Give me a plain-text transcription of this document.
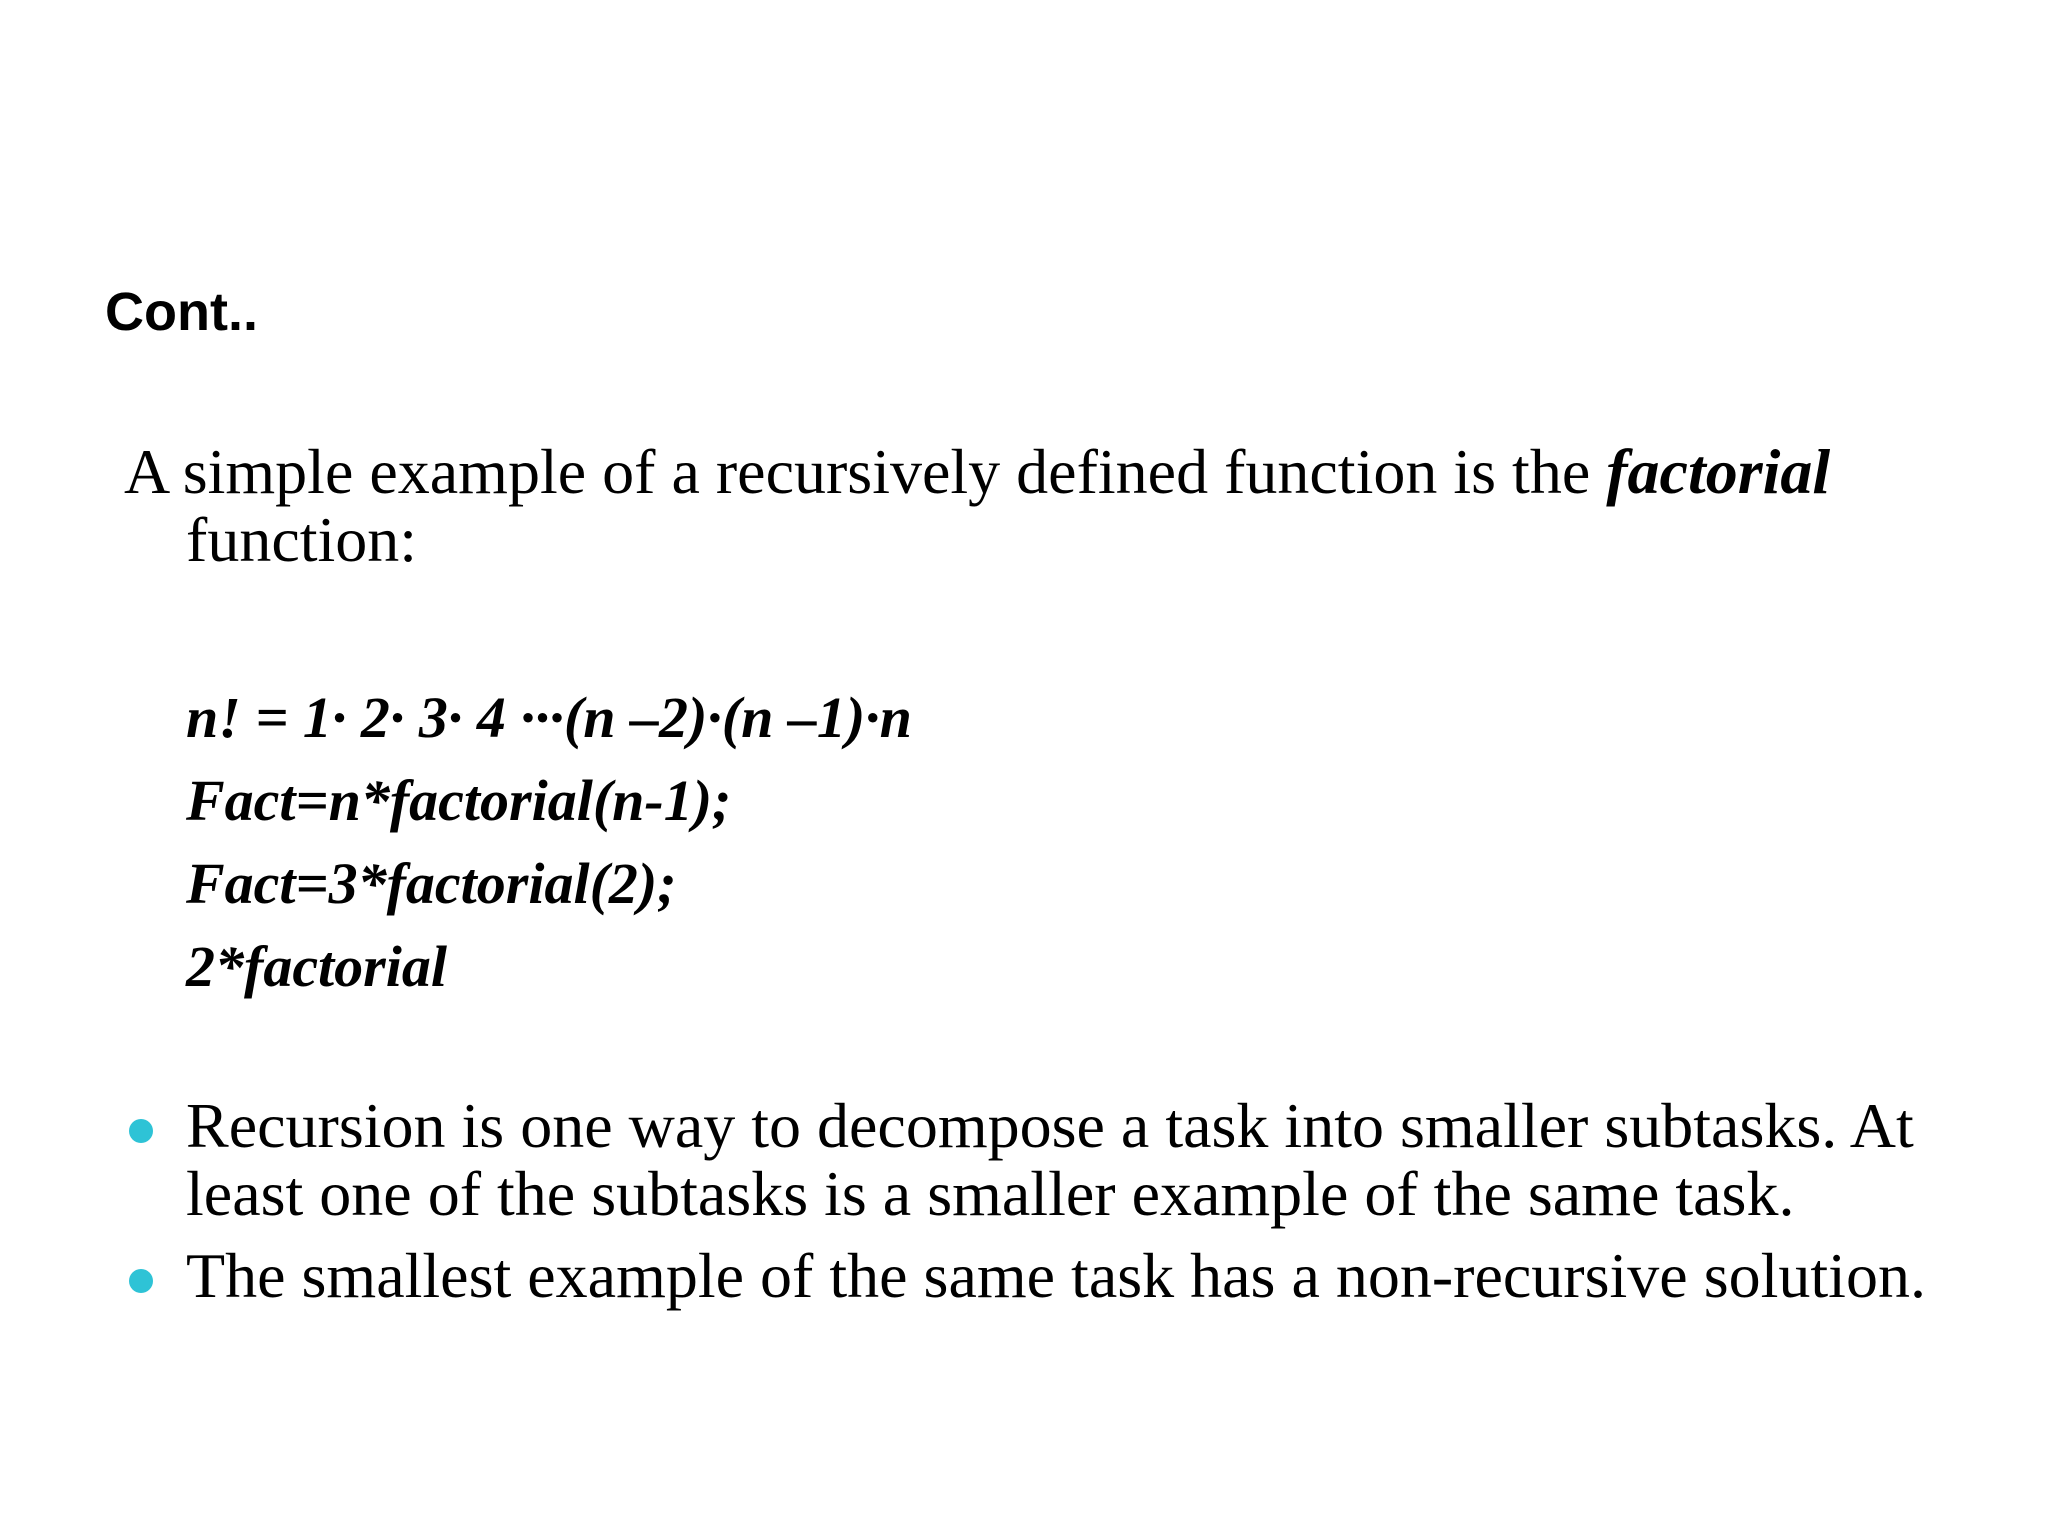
Cont..
A simple example of a recursively defined function is the factorial function:
n! = 1· 2· 3· 4 ···(n –2)·(n –1)·n
Fact=n*factorial(n-1);
Fact=3*factorial(2);
2*factorial
Recursion is one way to decompose a task into smaller subtasks. At least one of the subtasks is a smaller example of the same task.
The smallest example of the same task has a non-recursive solution.
